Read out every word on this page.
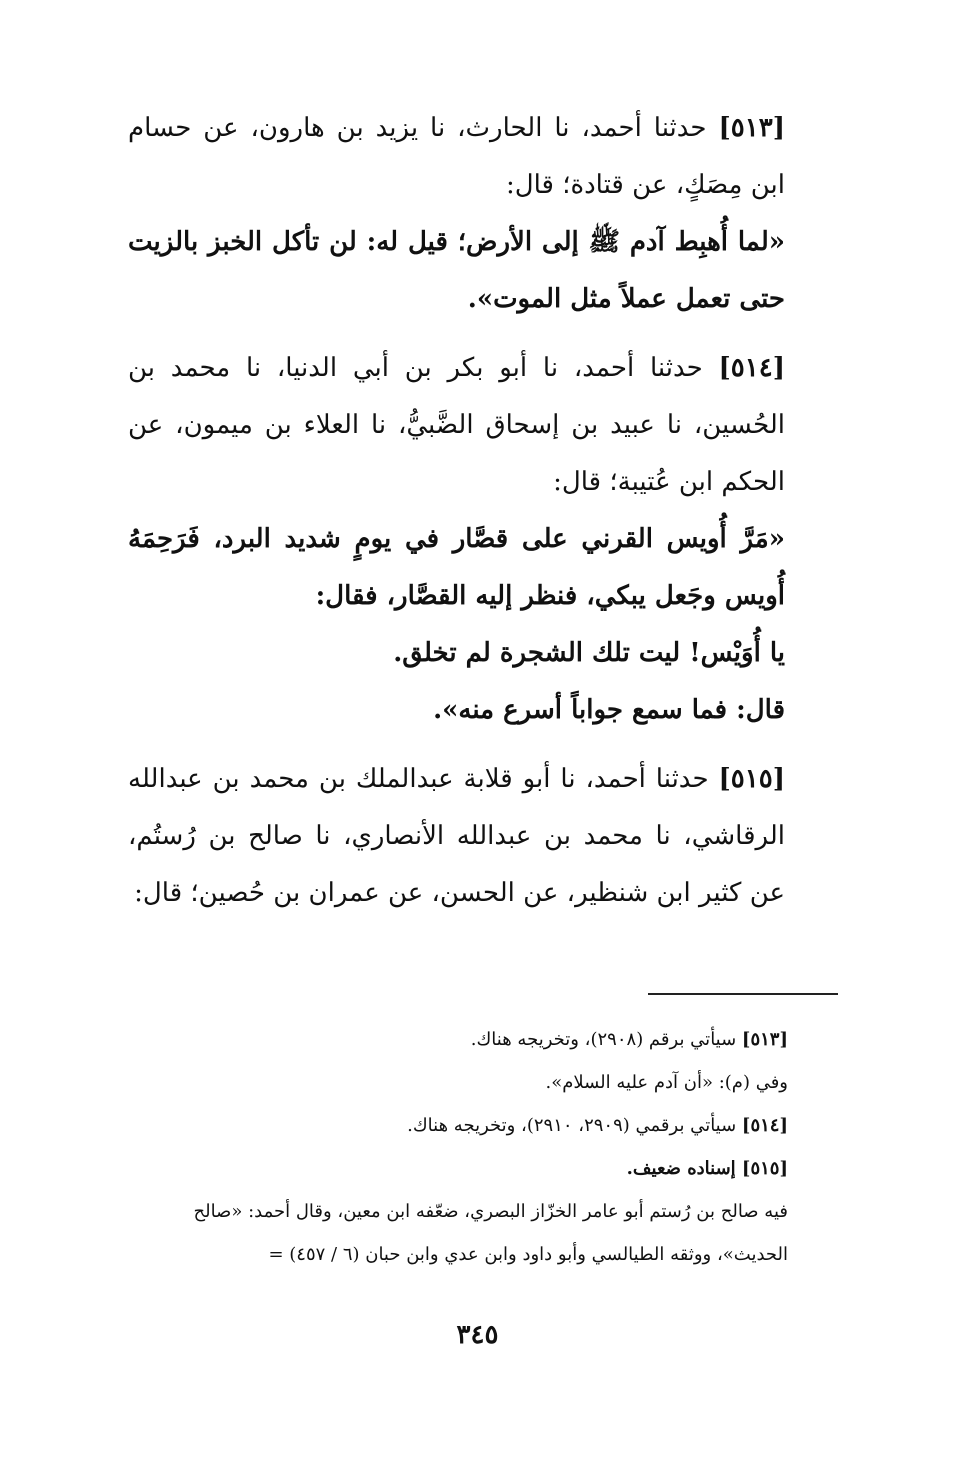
[٥١٣] حدثنا أحمد، نا الحارث، نا يزيد بن هارون، عن حسام ابن مِصَكٍ، عن قتادة؛ قال:

«لما أُهبِط آدم ﷺ إلى الأرض؛ قيل له: لن تأكل الخبز بالزيت حتى تعمل عملاً مثل الموت».

[٥١٤] حدثنا أحمد، نا أبو بكر بن أبي الدنيا، نا محمد بن الحُسين، نا عبيد بن إسحاق الضَّبيُّ، نا العلاء بن ميمون، عن الحكم ابن عُتيبة؛ قال:

«مَرَّ أُويس القرني على قصَّار في يومٍ شديد البرد، فَرَحِمَهُ أُويس وجَعل يبكي، فنظر إليه القصَّار، فقال:

يا أُوَيْس! ليت تلك الشجرة لم تخلق.

قال: فما سمع جواباً أسرع منه».

[٥١٥] حدثنا أحمد، نا أبو قلابة عبدالملك بن محمد بن عبدالله الرقاشي، نا محمد بن عبدالله الأنصاري، نا صالح بن رُستُم، عن كثير ابن شنظير، عن الحسن، عن عمران بن حُصين؛ قال:

[٥١٣] سيأتي برقم (٢٩٠٨)، وتخريجه هناك.

وفي (م): «أن آدم عليه السلام».

[٥١٤] سيأتي برقمي (٢٩٠٩، ٢٩١٠)، وتخريجه هناك.

[٥١٥] إسناده ضعيف.

فيه صالح بن رُستم أبو عامر الخزّاز البصري، ضعّفه ابن معين، وقال أحمد: «صالح الحديث»، ووثقه الطيالسي وأبو داود وابن عدي وابن حبان (٦ / ٤٥٧) =

٣٤٥
